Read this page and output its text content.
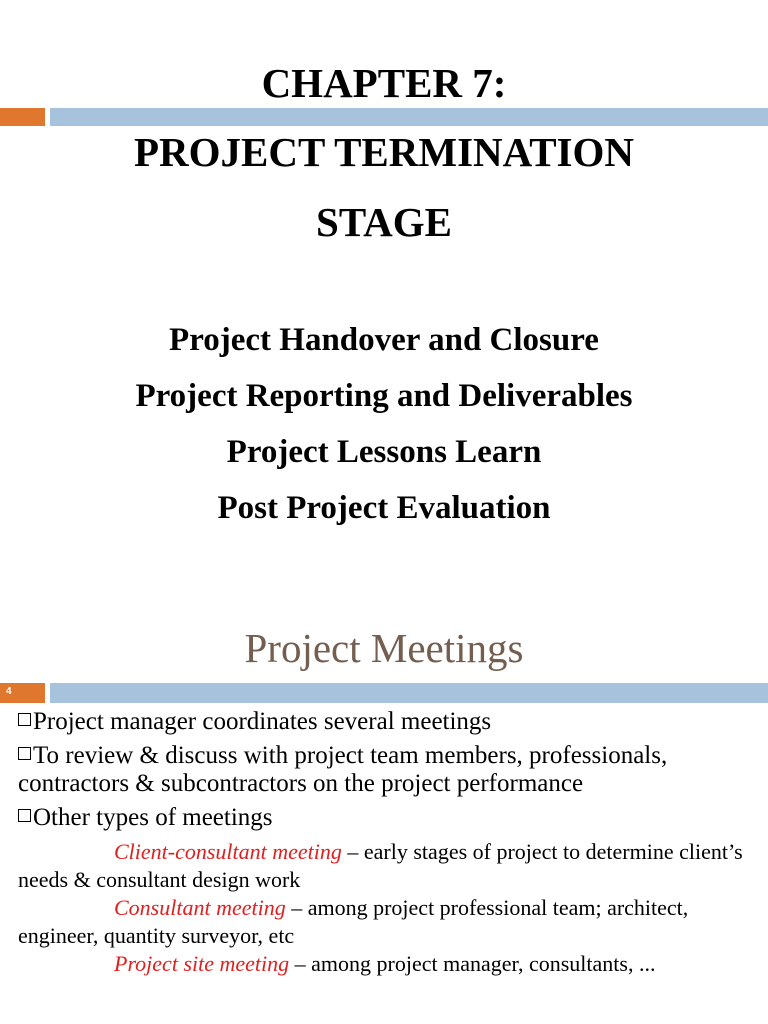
CHAPTER 7:
PROJECT TERMINATION
STAGE
Project Handover and Closure
Project Reporting and Deliverables
Project Lessons Learn
Post Project Evaluation
Project Meetings
4
Project manager coordinates several meetings
To review & discuss with project team members, professionals, contractors & subcontractors on the project performance
Other types of meetings
Client-consultant meeting – early stages of project to determine client’s needs & consultant design work
Consultant meeting – among project professional team; architect, engineer, quantity surveyor, etc
Project site meeting – among project manager, consultants, ...
